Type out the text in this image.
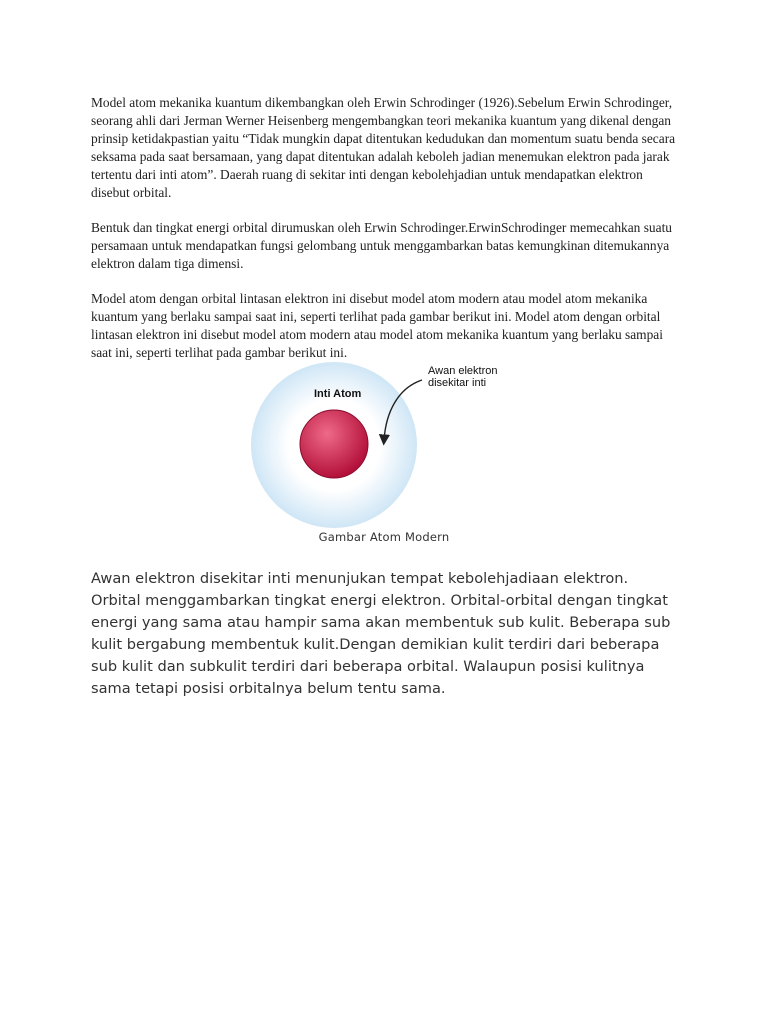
Model atom mekanika kuantum dikembangkan oleh Erwin Schrodinger (1926).Sebelum Erwin Schrodinger, seorang ahli dari Jerman Werner Heisenberg mengembangkan teori mekanika kuantum yang dikenal dengan prinsip ketidakpastian yaitu “Tidak mungkin dapat ditentukan kedudukan dan momentum suatu benda secara seksama pada saat bersamaan, yang dapat ditentukan adalah keboleh jadian menemukan elektron pada jarak tertentu dari inti atom”. Daerah ruang di sekitar inti dengan kebolehjadian untuk mendapatkan elektron disebut orbital.

Bentuk dan tingkat energi orbital dirumuskan oleh Erwin Schrodinger.ErwinSchrodinger memecahkan suatu persamaan untuk mendapatkan fungsi gelombang untuk menggambarkan batas kemungkinan ditemukannya elektron dalam tiga dimensi.

Model atom dengan orbital lintasan elektron ini disebut model atom modern atau model atom mekanika kuantum yang berlaku sampai saat ini, seperti terlihat pada gambar berikut ini. Model atom dengan orbital lintasan elektron ini disebut model atom modern atau model atom mekanika kuantum yang berlaku sampai saat ini, seperti terlihat pada gambar berikut ini.

Inti Atom
Awan elektron
disekitar inti
Gambar Atom Modern

Awan elektron disekitar inti menunjukan tempat kebolehjadiaan elektron. Orbital menggambarkan tingkat energi elektron. Orbital-orbital dengan tingkat energi yang sama atau hampir sama akan membentuk sub kulit. Beberapa sub kulit bergabung membentuk kulit.Dengan demikian kulit terdiri dari beberapa sub kulit dan subkulit terdiri dari beberapa orbital. Walaupun posisi kulitnya sama tetapi posisi orbitalnya belum tentu sama.
